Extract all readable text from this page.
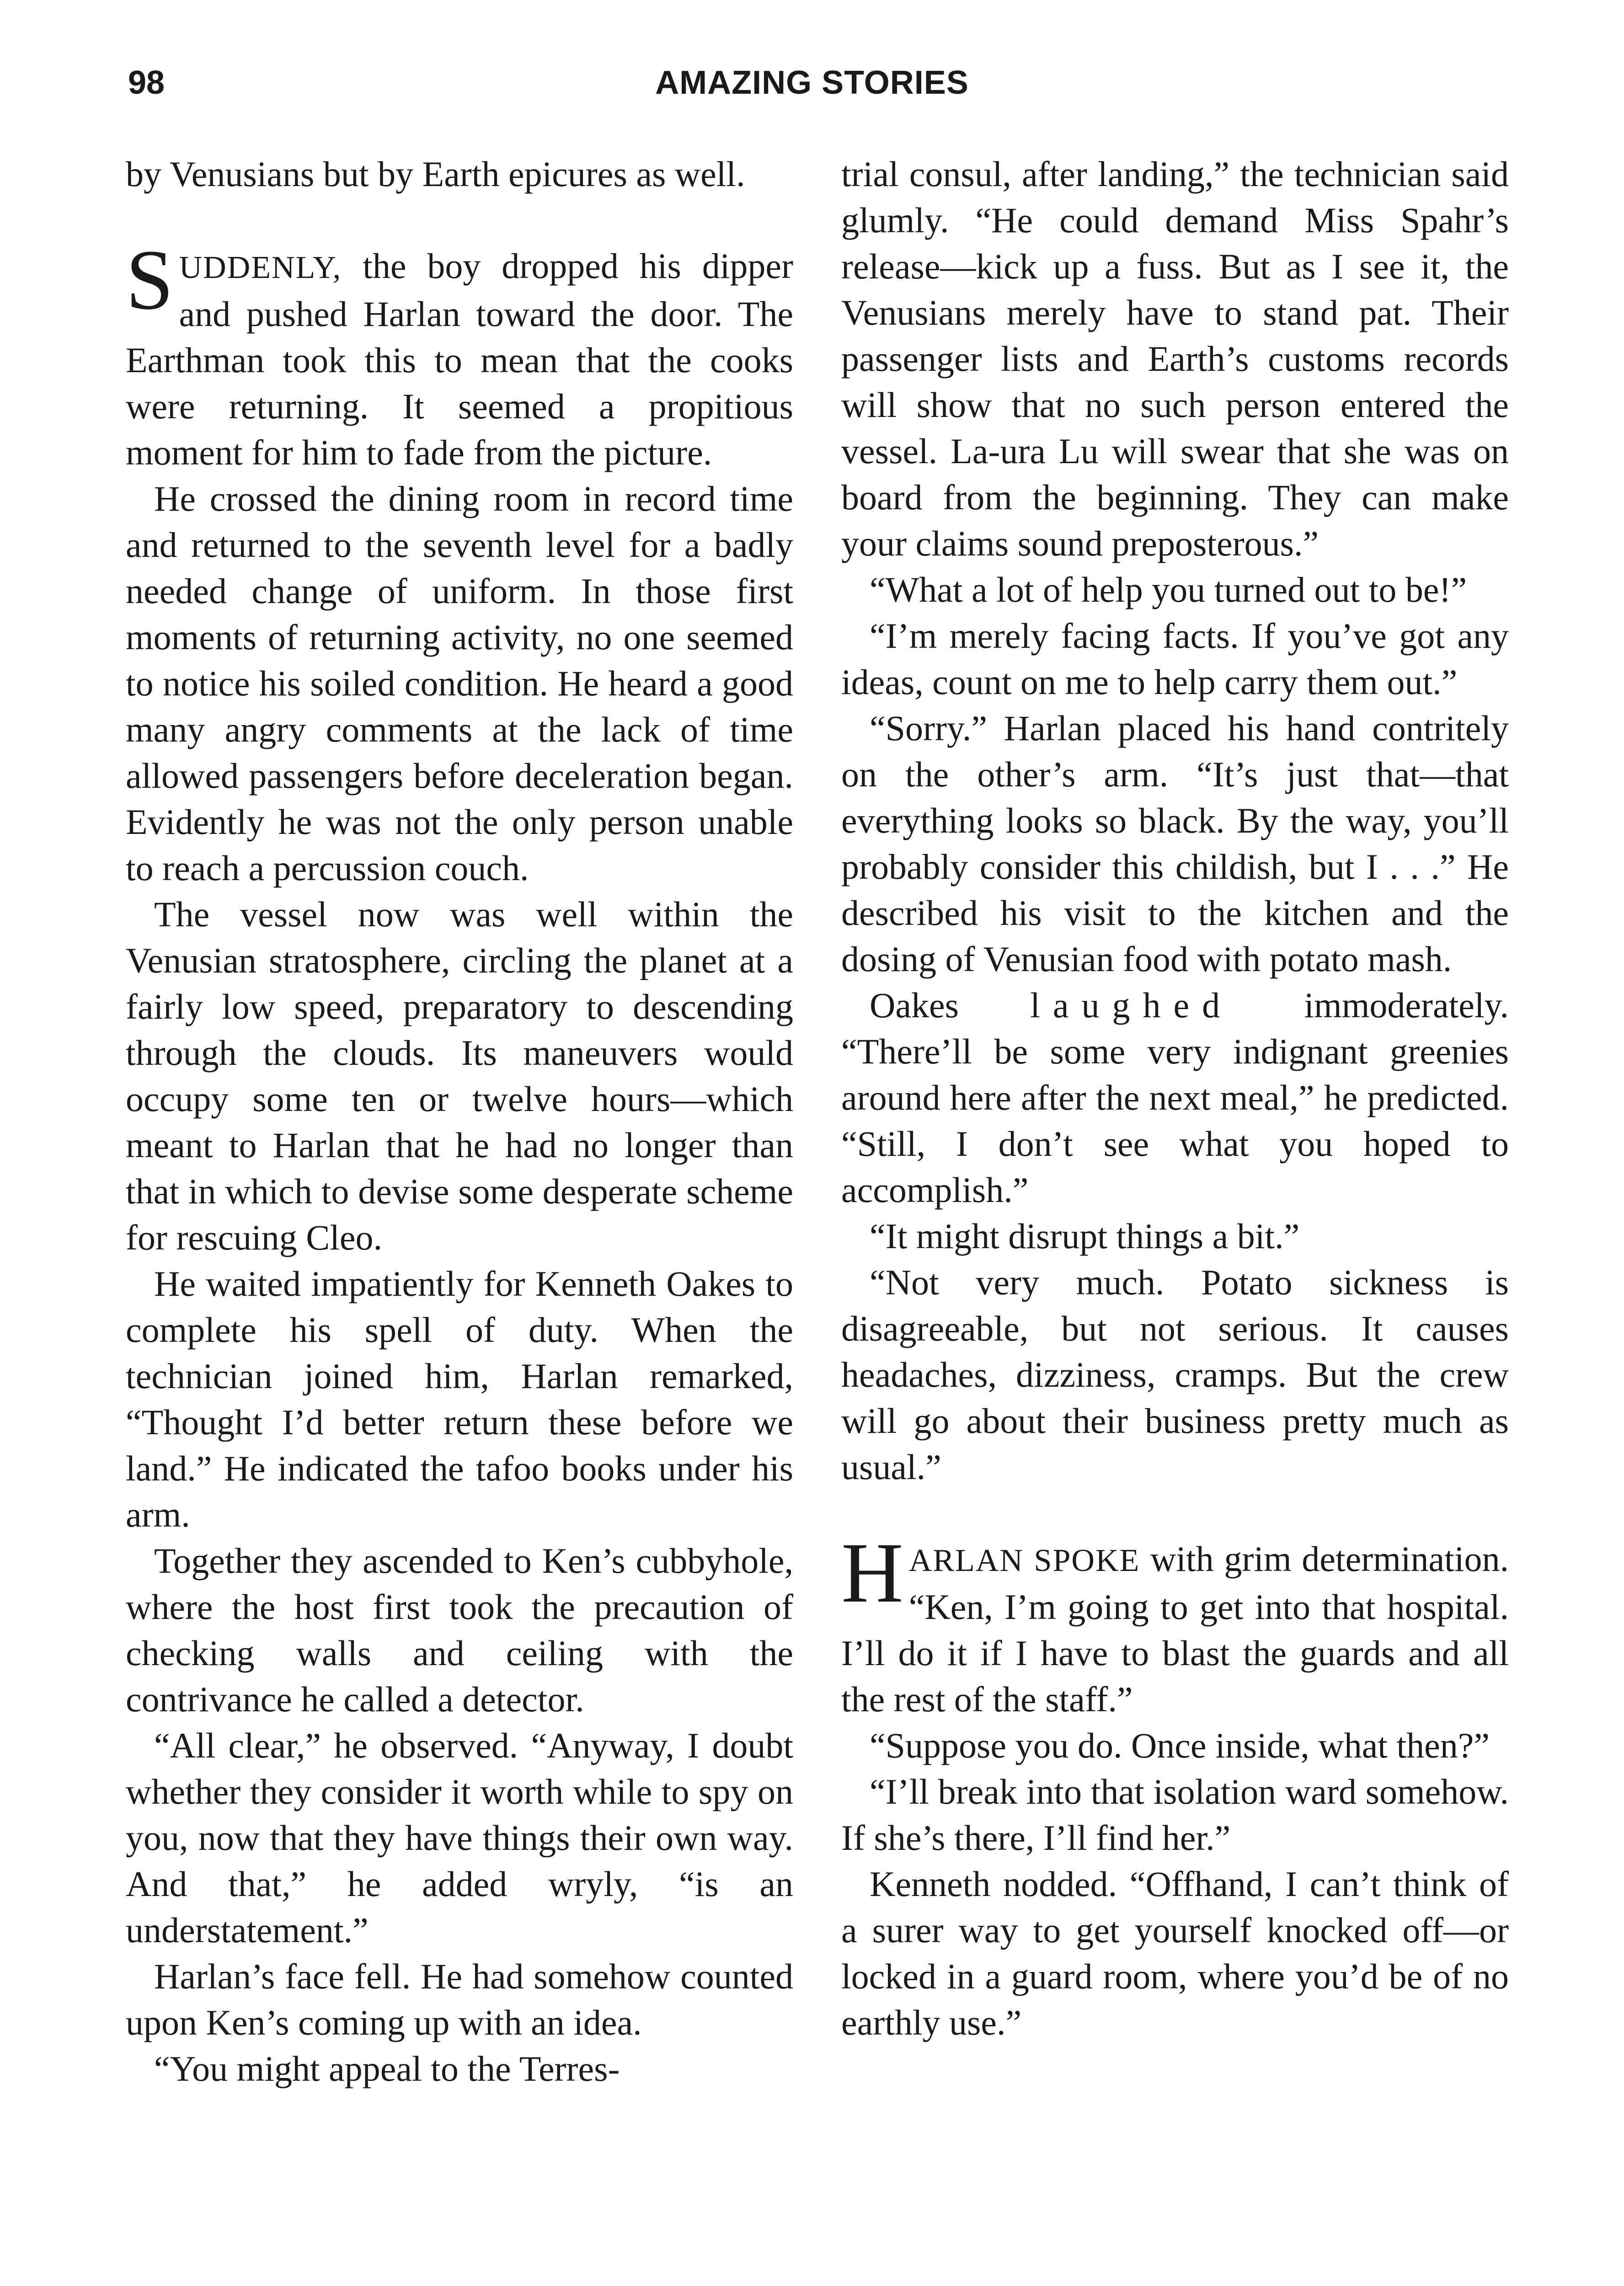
98	AMAZING STORIES

by Venusians but by Earth epicures as well.

SUDDENLY, the boy dropped his dipper and pushed Harlan toward the door. The Earthman took this to mean that the cooks were returning. It seemed a propitious moment for him to fade from the picture.

He crossed the dining room in record time and returned to the seventh level for a badly needed change of uniform. In those first moments of returning activity, no one seemed to notice his soiled condition. He heard a good many angry comments at the lack of time allowed passengers before deceleration began. Evidently he was not the only person unable to reach a percussion couch.

The vessel now was well within the Venusian stratosphere, circling the planet at a fairly low speed, preparatory to descending through the clouds. Its maneuvers would occupy some ten or twelve hours—which meant to Harlan that he had no longer than that in which to devise some desperate scheme for rescuing Cleo.

He waited impatiently for Kenneth Oakes to complete his spell of duty. When the technician joined him, Harlan remarked, “Thought I’d better return these before we land.” He indicated the tafoo books under his arm.

Together they ascended to Ken’s cubbyhole, where the host first took the precaution of checking walls and ceiling with the contrivance he called a detector.

“All clear,” he observed. “Anyway, I doubt whether they consider it worth while to spy on you, now that they have things their own way. And that,” he added wryly, “is an understatement.”

Harlan’s face fell. He had somehow counted upon Ken’s coming up with an idea.

“You might appeal to the Terres-

trial consul, after landing,” the technician said glumly. “He could demand Miss Spahr’s release—kick up a fuss. But as I see it, the Venusians merely have to stand pat. Their passenger lists and Earth’s customs records will show that no such person entered the vessel. La-ura Lu will swear that she was on board from the beginning. They can make your claims sound preposterous.”

“What a lot of help you turned out to be!”

“I’m merely facing facts. If you’ve got any ideas, count on me to help carry them out.”

“Sorry.” Harlan placed his hand contritely on the other’s arm. “It’s just that—that everything looks so black. By the way, you’ll probably consider this childish, but I . . .” He described his visit to the kitchen and the dosing of Venusian food with potato mash.

Oakes laughed immoderately. “There’ll be some very indignant greenies around here after the next meal,” he predicted. “Still, I don’t see what you hoped to accomplish.”

“It might disrupt things a bit.”

“Not very much. Potato sickness is disagreeable, but not serious. It causes headaches, dizziness, cramps. But the crew will go about their business pretty much as usual.”

HARLAN SPOKE with grim determination. “Ken, I’m going to get into that hospital. I’ll do it if I have to blast the guards and all the rest of the staff.”

“Suppose you do. Once inside, what then?”

“I’ll break into that isolation ward somehow. If she’s there, I’ll find her.”

Kenneth nodded. “Offhand, I can’t think of a surer way to get yourself knocked off—or locked in a guard room, where you’d be of no earthly use.”
